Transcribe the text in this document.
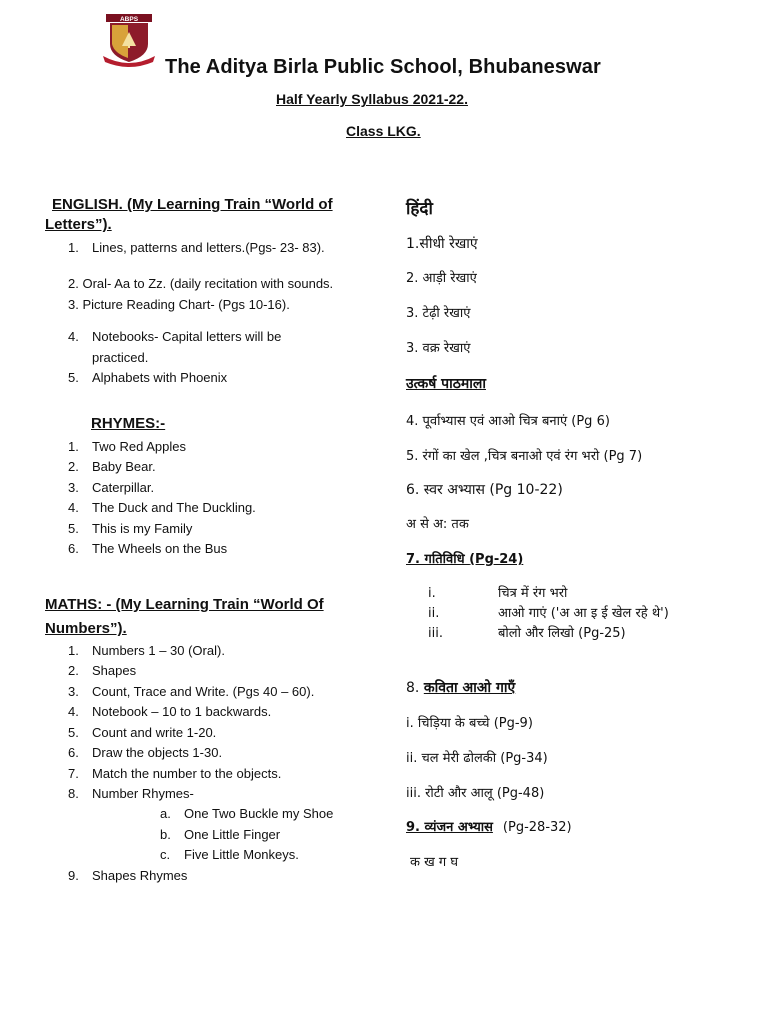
ABPS
The Aditya Birla Public School, Bhubaneswar
Half Yearly Syllabus 2021-22.
Class LKG.
ENGLISH. (My Learning Train “World of
Letters”).
1. Lines, patterns and letters.(Pgs- 23- 83).
2. Oral- Aa to Zz. (daily recitation with sounds.
3. Picture Reading Chart- (Pgs 10-16).
4. Notebooks- Capital letters will be
practiced.
5. Alphabets with Phoenix
RHYMES:-
1. Two Red Apples
2. Baby Bear.
3. Caterpillar.
4. The Duck and The Duckling.
5. This is my Family
6. The Wheels on the Bus
MATHS: - (My Learning Train “World Of
Numbers”).
1. Numbers 1 – 30 (Oral).
2. Shapes
3. Count, Trace and Write. (Pgs 40 – 60).
4. Notebook – 10 to 1 backwards.
5. Count and write 1-20.
6. Draw the objects 1-30.
7. Match the number to the objects.
8. Number Rhymes-
a. One Two Buckle my Shoe
b. One Little Finger
c. Five Little Monkeys.
9. Shapes Rhymes
हिंदी
1.सीधी रेखाएं
2. आड़ी रेखाएं
3. टेढ़ी रेखाएं
3. वक्र रेखाएं
उत्कर्ष पाठमाला
4. पूर्वाभ्यास एवं आओ चित्र बनाएं (Pg 6)
5. रंगों का खेल ,चित्र बनाओ एवं रंग भरो (Pg 7)
6. स्वर अभ्यास (Pg 10-22)
अ से अ: तक
7. गतिविधि (Pg-24)
i.	चित्र में रंग भरो
ii.	आओ गाएं ('अ आ इ ई खेल रहे थे')
iii.	बोलो और लिखो (Pg-25)
8. कविता आओ गाएँ
i. चिड़िया के बच्चे (Pg-9)
ii. चल मेरी ढोलकी (Pg-34)
iii. रोटी और आलू (Pg-48)
9. व्यंजन अभ्यास (Pg-28-32)
क ख ग घ
